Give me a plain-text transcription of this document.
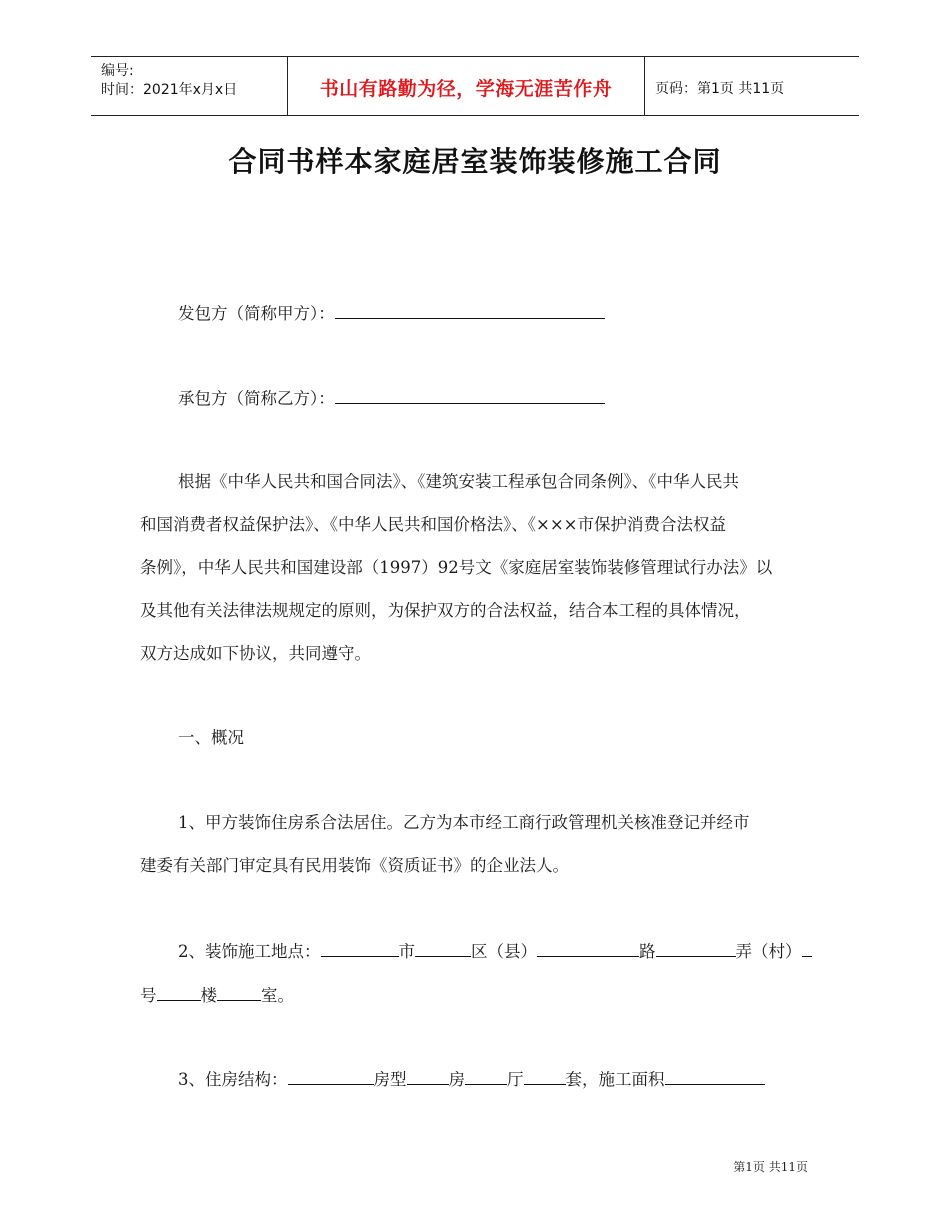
编号:
时间：2021年x月x日	书山有路勤为径，学海无涯苦作舟	页码：第1页 共11页
合同书样本家庭居室装饰装修施工合同
发包方（简称甲方）：
承包方（简称乙方）：
根据《中华人民共和国合同法》、《建筑安装工程承包合同条例》、《中华人民共
和国消费者权益保护法》、《中华人民共和国价格法》、《×××市保护消费合法权益
条例》，中华人民共和国建设部（1997）92号文《家庭居室装饰装修管理试行办法》以
及其他有关法律法规规定的原则，为保护双方的合法权益，结合本工程的具体情况，
双方达成如下协议，共同遵守。
一、概况
1、甲方装饰住房系合法居住。乙方为本市经工商行政管理机关核准登记并经市
建委有关部门审定具有民用装饰《资质证书》的企业法人。
2、装饰施工地点：	市	区（县）	路	弄（村）
号	楼	室。
3、住房结构：	房型	房	厅	套，施工面积
第1页 共11页
